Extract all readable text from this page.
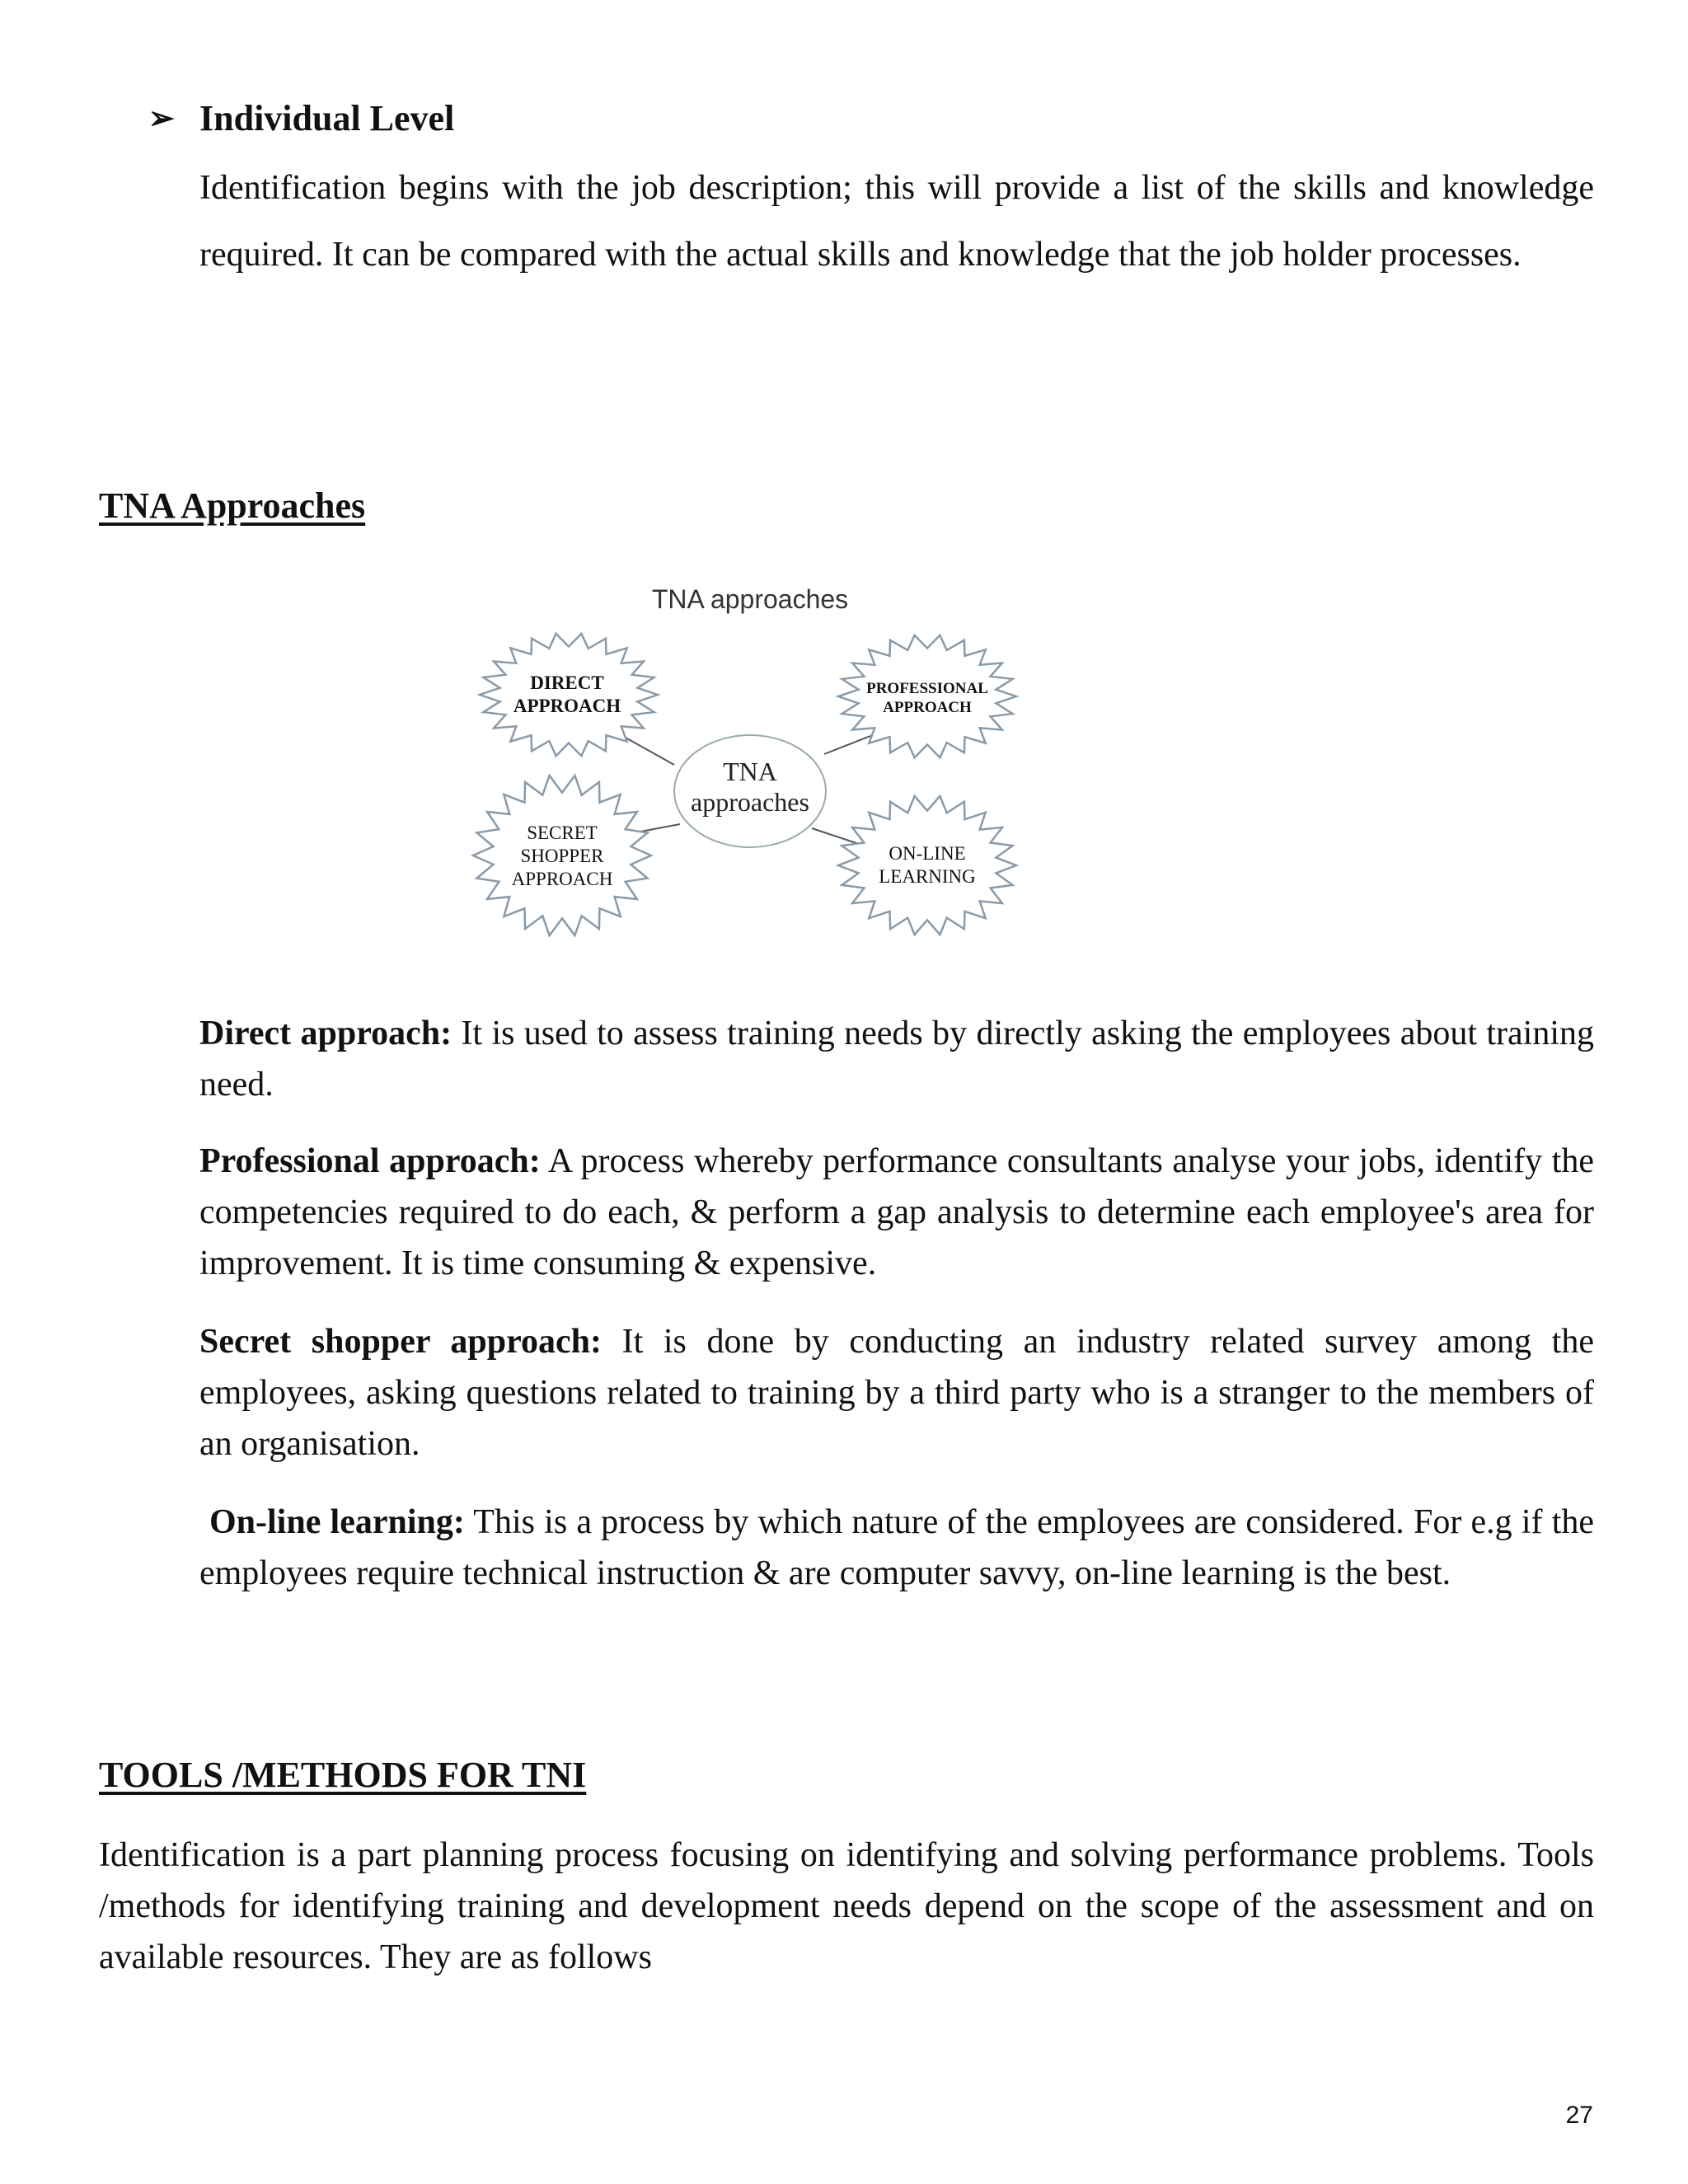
➢ Individual Level

Identification begins with the job description; this will provide a list of the skills and knowledge required. It can be compared with the actual skills and knowledge that the job holder processes.

TNA Approaches
TNA approaches
TNA
approaches
DIRECT
APPROACH
PROFESSIONAL
APPROACH
SECRET
SHOPPER
APPROACH
ON-LINE
LEARNING

Direct approach: It is used to assess training needs by directly asking the employees about training need.

Professional approach: A process whereby performance consultants analyse your jobs, identify the competencies required to do each, & perform a gap analysis to determine each employee's area for improvement. It is time consuming & expensive.

Secret shopper approach: It is done by conducting an industry related survey among the employees, asking questions related to training by a third party who is a stranger to the members of an organisation.

On-line learning: This is a process by which nature of the employees are considered. For e.g if the employees require technical instruction & are computer savvy, on-line learning is the best.

TOOLS /METHODS FOR TNI

Identification is a part planning process focusing on identifying and solving performance problems. Tools /methods for identifying training and development needs depend on the scope of the assessment and on available resources. They are as follows

27
